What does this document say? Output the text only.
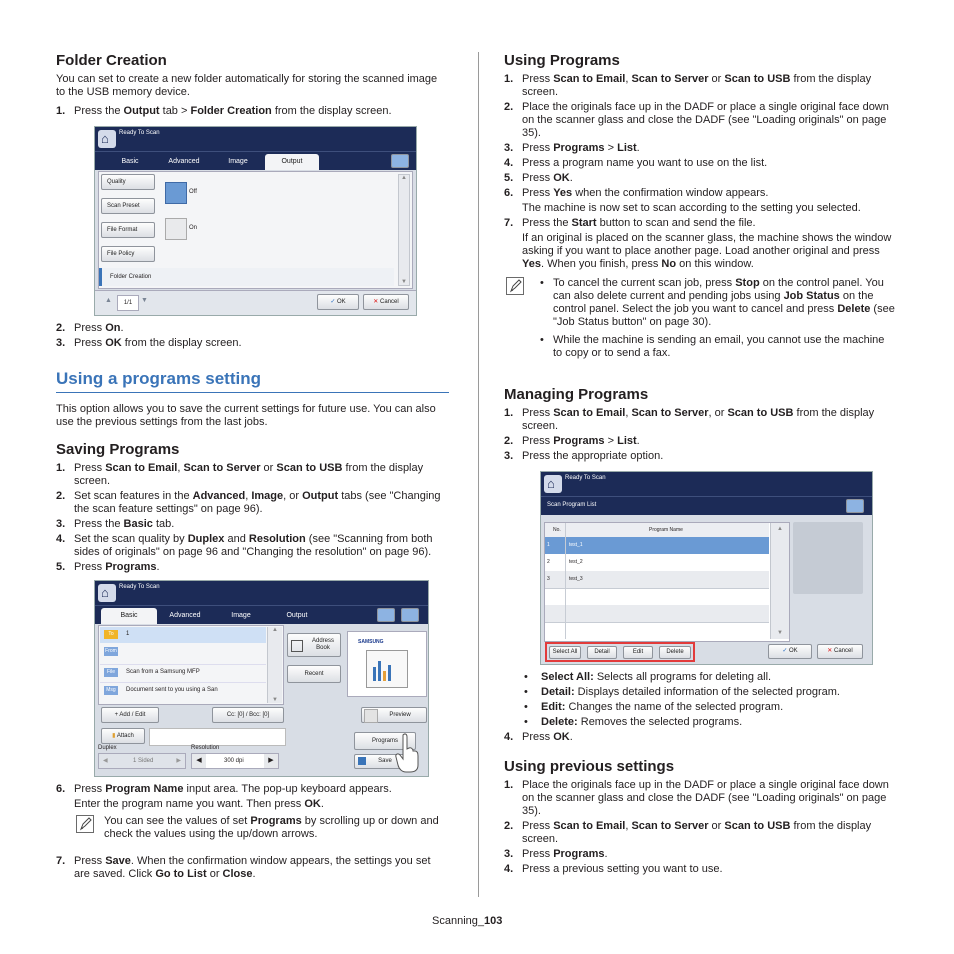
Folder Creation

You can set to create a new folder automatically for storing the scanned image to the USB memory device.

1. Press the Output tab > Folder Creation from the display screen.
⌂
Ready To Scan
Basic	Advanced	Image	Output
Quality
Scan Preset
File Format
File Policy
Folder Creation
Off
On
▲
▼
▲	1/1	▼	✓ OK	✕ Cancel
2. Press On.
3. Press OK from the display screen.
Using a programs setting

This option allows you to save the current settings for future use. You can also use the previous settings from the last jobs.

Saving Programs
1. Press Scan to Email, Scan to Server or Scan to USB from the display screen.
2. Set scan features in the Advanced, Image, or Output tabs (see "Changing the scan feature settings" on page 96).
3. Press the Basic tab.
4. Set the scan quality by Duplex and Resolution (see "Scanning from both sides of originals" on page 96 and "Changing the resolution" on page 96).
5. Press Programs.
⌂
Ready To Scan
Basic	Advanced	Image	Output
To	1
From
File	Scan from a Samsung MFP
Msg	Document sent to you using a San
▲
▼
Address Book
Recent
SAMSUNG
+ Add / Edit	Cc: [0] / Bcc: [0]
▮ Attach
Preview
Programs
Save
Duplex
◀	1 Sided	▶
Resolution
◀	300 dpi	▶
6. Press Program Name input area. The pop-up keyboard appears.
Enter the program name you want. Then press OK.
You can see the values of set Programs by scrolling up or down and check the values using the up/down arrows.
7. Press Save. When the confirmation window appears, the settings you set are saved. Click Go to List or Close.
Using Programs
1. Press Scan to Email, Scan to Server or Scan to USB from the display screen.
2. Place the originals face up in the DADF or place a single original face down on the scanner glass and close the DADF (see "Loading originals" on page 35).
3. Press Programs > List.
4. Press a program name you want to use on the list.
5. Press OK.
6. Press Yes when the confirmation window appears.
The machine is now set to scan according to the setting you selected.
7. Press the Start button to scan and send the file.
If an original is placed on the scanner glass, the machine shows the window asking if you want to place another page. Load another original and press Yes. When you finish, press No on this window.
• To cancel the current scan job, press Stop on the control panel. You can also delete current and pending jobs using Job Status on the control panel. Select the job you want to cancel and press Delete (see "Job Status button" on page 30).
• While the machine is sending an email, you cannot use the machine to copy or to send a fax.
Managing Programs
1. Press Scan to Email, Scan to Server, or Scan to USB from the display screen.
2. Press Programs > List.
3. Press the appropriate option.
⌂
Ready To Scan
Scan Program List
No.	Program Name
1	test_1
2	test_2
3	test_3
▲
▼
Select All	Detail	Edit	Delete	✓ OK	✕ Cancel
• Select All: Selects all programs for deleting all.
• Detail: Displays detailed information of the selected program.
• Edit: Changes the name of the selected program.
• Delete: Removes the selected programs.
4. Press OK.
Using previous settings
1. Place the originals face up in the DADF or place a single original face down on the scanner glass and close the DADF (see "Loading originals" on page 35).
2. Press Scan to Email, Scan to Server or Scan to USB from the display screen.
3. Press Programs.
4. Press a previous setting you want to use.
Scanning_103
